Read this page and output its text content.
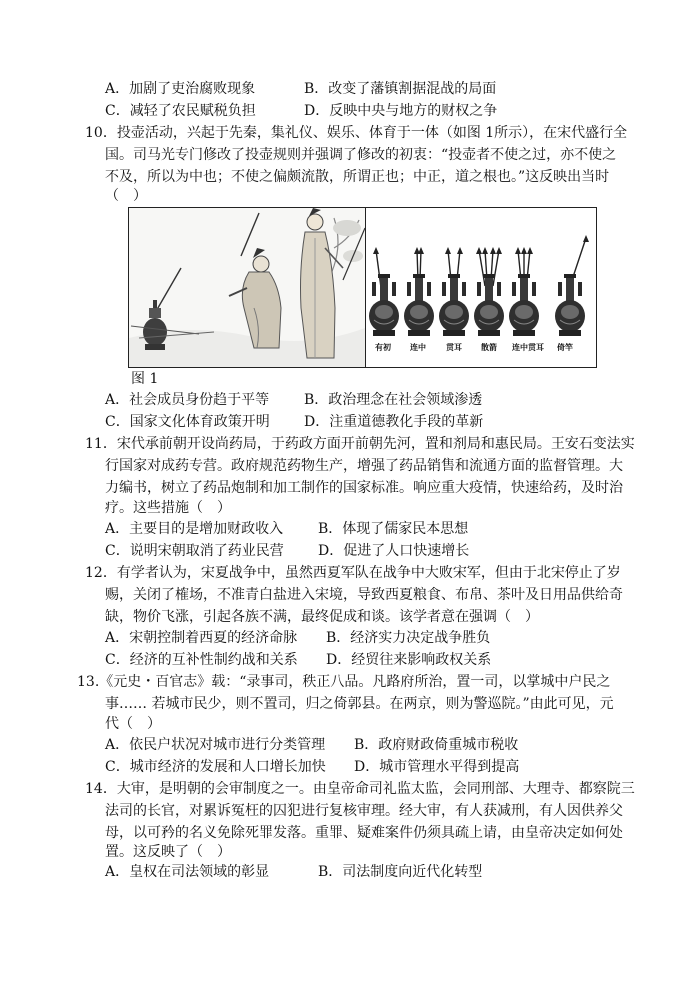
A．加剧了吏治腐败现象	B．改变了藩镇割据混战的局面
C．减轻了农民赋税负担	D．反映中央与地方的财权之争
10．投壶活动，兴起于先秦，集礼仪、娱乐、体育于一体（如图 1所示），在宋代盛行全
国。司马光专门修改了投壶规则并强调了修改的初衷：“投壶者不使之过，亦不使之
不及，所以为中也；不使之偏颇流散，所谓正也；中正，道之根也。”这反映出当时
（　）
有初 连中	贯耳 散箭 连中贯耳 倚竿
图 1
A．社会成员身份趋于平等 B．政治理念在社会领域渗透
C．国家文化体育政策开明 D．注重道德教化手段的革新
11．宋代承前朝开设尚药局，于药政方面开前朝先河，置和剂局和惠民局。王安石变法实
行国家对成药专营。政府规范药物生产，增强了药品销售和流通方面的监督管理。大
力编书，树立了药品炮制和加工制作的国家标准。响应重大疫情，快速给药，及时治
疗。这些措施（　）
A．主要目的是增加财政收入 B．体现了儒家民本思想
C．说明宋朝取消了药业民营 D．促进了人口快速增长
12．有学者认为，宋夏战争中，虽然西夏军队在战争中大败宋军，但由于北宋停止了岁
赐，关闭了榷场，不准青白盐进入宋境，导致西夏粮食、布帛、茶叶及日用品供给奇
缺，物价飞涨，引起各族不满，最终促成和谈。该学者意在强调（　）
A．宋朝控制着西夏的经济命脉 B．经济实力决定战争胜负
C．经济的互补性制约战和关系 D．经贸往来影响政权关系
13.《元史・百官志》载：“录事司，秩正八品。凡路府所治，置一司，以掌城中户民之
事…… 若城市民少，则不置司，归之倚郭县。在两京，则为警巡院。”由此可见，元
代（　）
A．依民户状况对城市进行分类管理 B．政府财政倚重城市税收
C．城市经济的发展和人口增长加快 D．城市管理水平得到提高
14．大审，是明朝的会审制度之一。由皇帝命司礼监太监，会同刑部、大理寺、都察院三
法司的长官，对累诉冤枉的囚犯进行复核审理。经大审，有人获减刑，有人因供养父
母，以可矜的名义免除死罪发落。重罪、疑难案件仍须具疏上请，由皇帝决定如何处
置。这反映了（　）
A．皇权在司法领域的彰显	B．司法制度向近代化转型
